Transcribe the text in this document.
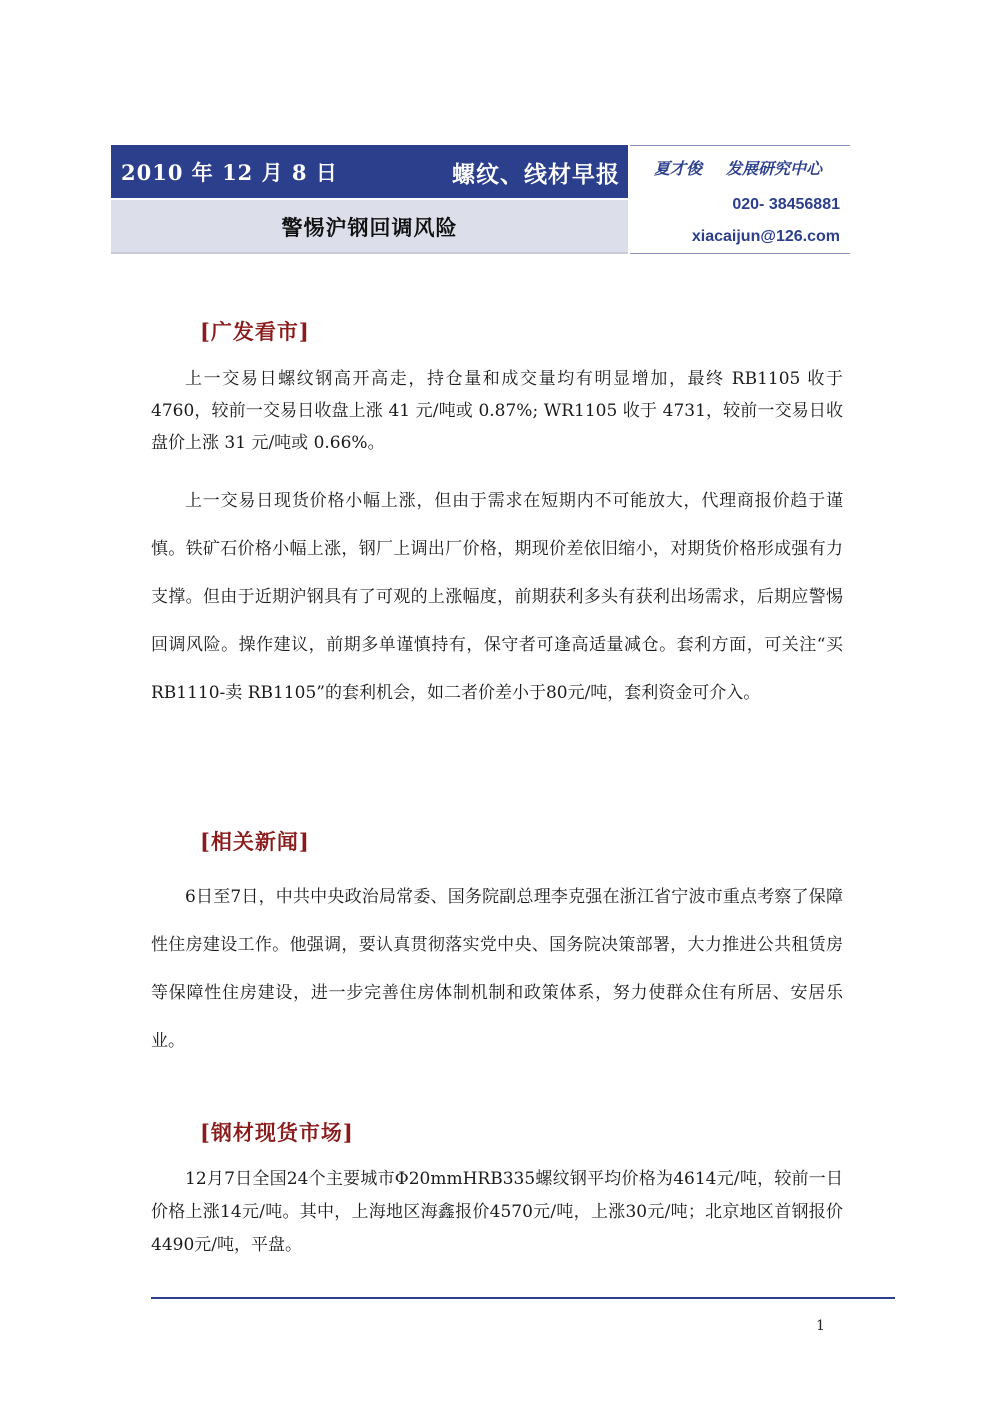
2010 年 12 月 8 日	螺纹、线材早报
警惕沪钢回调风险
夏才俊 发展研究中心
020- 38456881
xiacaijun@126.com
[广发看市]
上一交易日螺纹钢高开高走，持仓量和成交量均有明显增加，最终 RB1105 收于 4760，较前一交易日收盘上涨 41 元/吨或 0.87%; WR1105 收于 4731，较前一交易日收盘价上涨 31 元/吨或 0.66%。
上一交易日现货价格小幅上涨，但由于需求在短期内不可能放大，代理商报价趋于谨慎。铁矿石价格小幅上涨，钢厂上调出厂价格，期现价差依旧缩小，对期货价格形成强有力支撑。但由于近期沪钢具有了可观的上涨幅度，前期获利多头有获利出场需求，后期应警惕回调风险。操作建议，前期多单谨慎持有，保守者可逢高适量减仓。套利方面，可关注“买 RB1110-卖 RB1105”的套利机会，如二者价差小于80元/吨，套利资金可介入。
[相关新闻]
6日至7日，中共中央政治局常委、国务院副总理李克强在浙江省宁波市重点考察了保障性住房建设工作。他强调，要认真贯彻落实党中央、国务院决策部署，大力推进公共租赁房等保障性住房建设，进一步完善住房体制机制和政策体系，努力使群众住有所居、安居乐业。
[钢材现货市场]
12月7日全国24个主要城市Φ20mmHRB335螺纹钢平均价格为4614元/吨，较前一日价格上涨14元/吨。其中，上海地区海鑫报价4570元/吨，上涨30元/吨；北京地区首钢报价4490元/吨，平盘。
1
